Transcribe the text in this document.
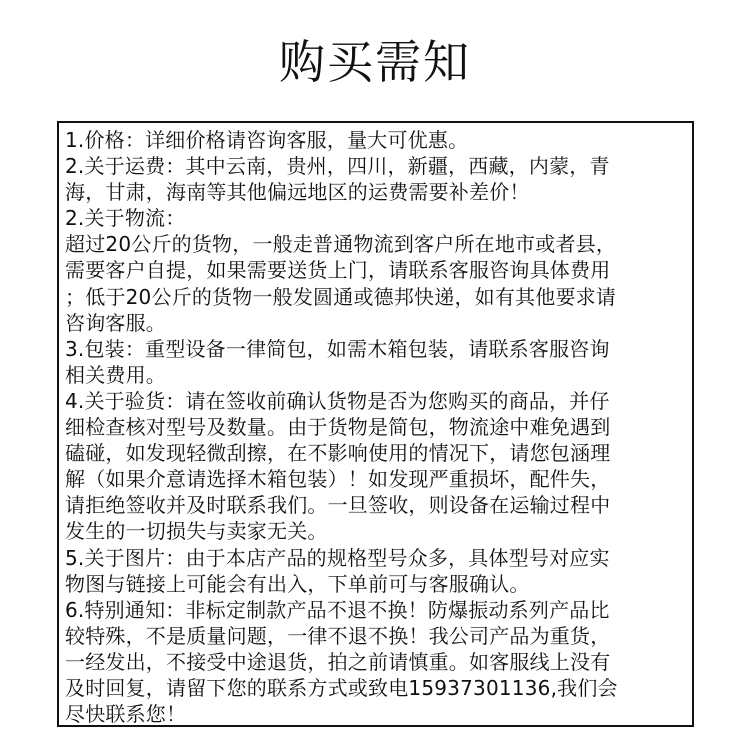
购买需知
1.价格：详细价格请咨询客服，量大可优惠。
2.关于运费：其中云南，贵州，四川，新疆，西藏，内蒙，青
海，甘肃，海南等其他偏远地区的运费需要补差价！
2.关于物流：
超过20公斤的货物，一般走普通物流到客户所在地市或者县，
需要客户自提，如果需要送货上门，请联系客服咨询具体费用
；低于20公斤的货物一般发圆通或德邦快递，如有其他要求请
咨询客服。
3.包装：重型设备一律简包，如需木箱包装，请联系客服咨询
相关费用。
4.关于验货：请在签收前确认货物是否为您购买的商品，并仔
细检查核对型号及数量。由于货物是简包，物流途中难免遇到
磕碰，如发现轻微刮擦，在不影响使用的情况下，请您包涵理
解（如果介意请选择木箱包装）！如发现严重损坏，配件失，
请拒绝签收并及时联系我们。一旦签收，则设备在运输过程中
发生的一切损失与卖家无关。
5.关于图片：由于本店产品的规格型号众多，具体型号对应实
物图与链接上可能会有出入，下单前可与客服确认。
6.特别通知：非标定制款产品不退不换！防爆振动系列产品比
较特殊，不是质量问题，一律不退不换！我公司产品为重货，
一经发出，不接受中途退货，拍之前请慎重。如客服线上没有
及时回复，请留下您的联系方式或致电15937301136,我们会
尽快联系您！
